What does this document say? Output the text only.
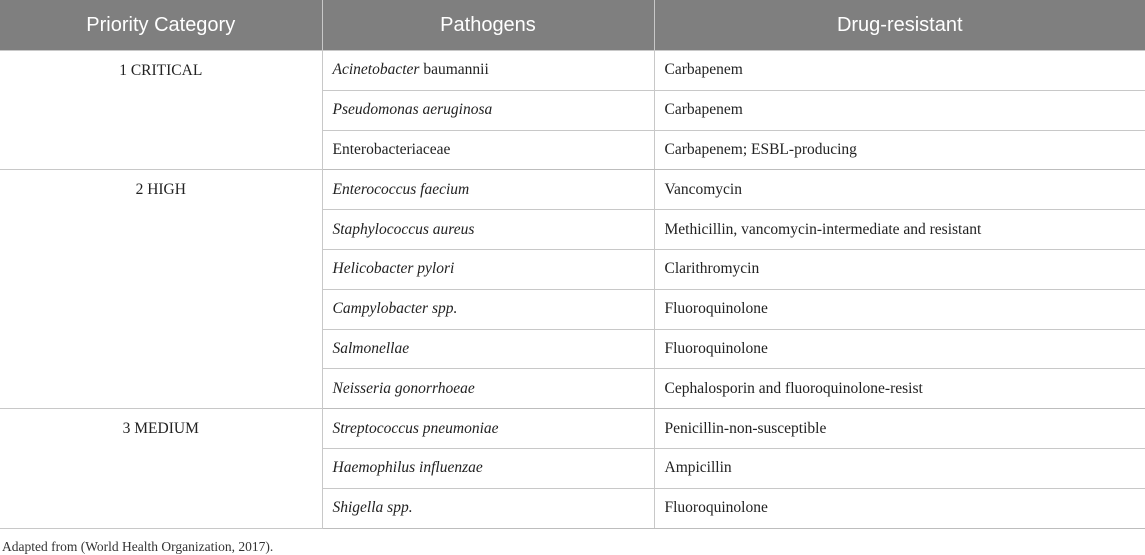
Priority Category	Pathogens	Drug-resistant
1 CRITICAL	Acinetobacter baumannii	Carbapenem
	Pseudomonas aeruginosa	Carbapenem
	Enterobacteriaceae	Carbapenem; ESBL-producing
2 HIGH	Enterococcus faecium	Vancomycin
	Staphylococcus aureus	Methicillin, vancomycin-intermediate and resistant
	Helicobacter pylori	Clarithromycin
	Campylobacter spp.	Fluoroquinolone
	Salmonellae	Fluoroquinolone
	Neisseria gonorrhoeae	Cephalosporin and fluoroquinolone-resist
3 MEDIUM	Streptococcus pneumoniae	Penicillin-non-susceptible
	Haemophilus influenzae	Ampicillin
	Shigella spp.	Fluoroquinolone
Adapted from (World Health Organization, 2017).
